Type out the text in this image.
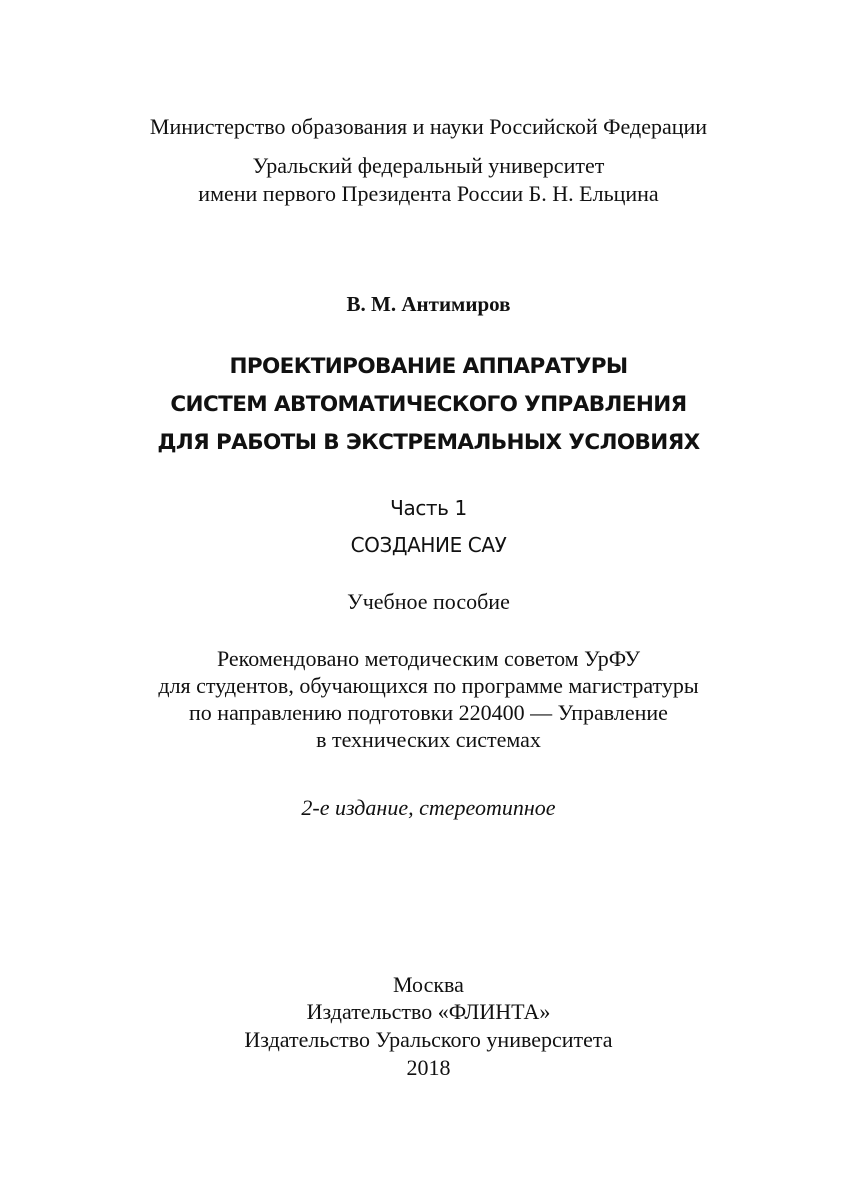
Министерство образования и науки Российской Федерации

Уральский федеральный университет

имени первого Президента России Б. Н. Ельцина

В. М. Антимиров

ПРОЕКТИРОВАНИЕ АППАРАТУРЫ

СИСТЕМ АВТОМАТИЧЕСКОГО УПРАВЛЕНИЯ

ДЛЯ РАБОТЫ В ЭКСТРЕМАЛЬНЫХ УСЛОВИЯХ

Часть 1

СОЗДАНИЕ САУ

Учебное пособие

Рекомендовано методическим советом УрФУ

для студентов, обучающихся по программе магистратуры

по направлению подготовки 220400 — Управление

в технических системах

2-е издание, стереотипное

Москва

Издательство «ФЛИНТА»

Издательство Уральского университета

2018
